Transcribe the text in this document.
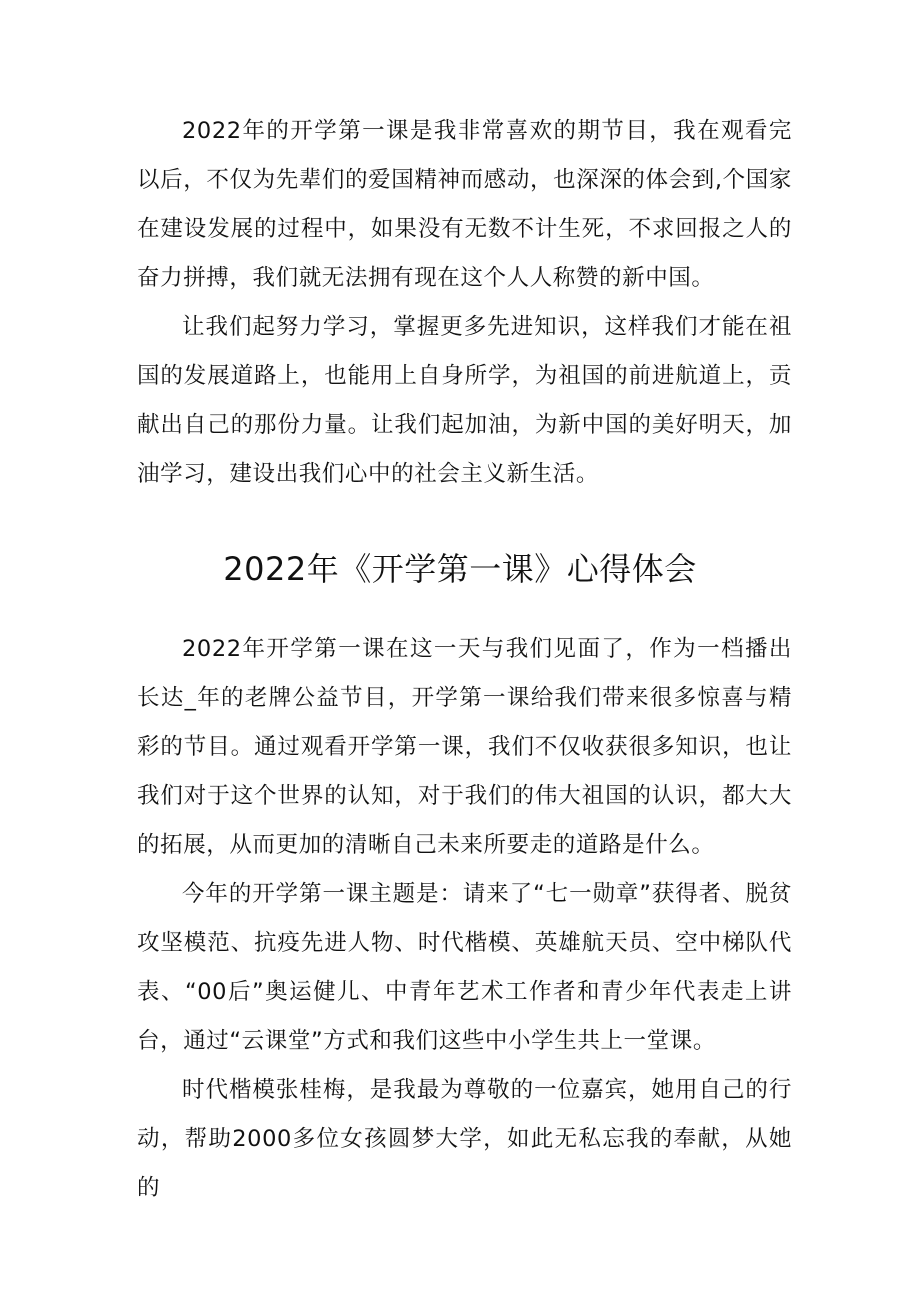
2022年的开学第一课是我非常喜欢的期节目，我在观看完以后，不仅为先辈们的爱国精神而感动，也深深的体会到,个国家在建设发展的过程中，如果没有无数不计生死，不求回报之人的奋力拼搏，我们就无法拥有现在这个人人称赞的新中国。

让我们起努力学习，掌握更多先进知识，这样我们才能在祖国的发展道路上，也能用上自身所学，为祖国的前进航道上，贡献出自己的那份力量。让我们起加油，为新中国的美好明天，加油学习，建设出我们心中的社会主义新生活。

2022年《开学第一课》心得体会

2022年开学第一课在这一天与我们见面了，作为一档播出长达_年的老牌公益节目，开学第一课给我们带来很多惊喜与精彩的节目。通过观看开学第一课，我们不仅收获很多知识，也让我们对于这个世界的认知，对于我们的伟大祖国的认识，都大大的拓展，从而更加的清晰自己未来所要走的道路是什么。

今年的开学第一课主题是：请来了“七一勋章”获得者、脱贫攻坚模范、抗疫先进人物、时代楷模、英雄航天员、空中梯队代表、“00后”奥运健儿、中青年艺术工作者和青少年代表走上讲台，通过“云课堂”方式和我们这些中小学生共上一堂课。

时代楷模张桂梅，是我最为尊敬的一位嘉宾，她用自己的行动，帮助2000多位女孩圆梦大学，如此无私忘我的奉献，从她的
